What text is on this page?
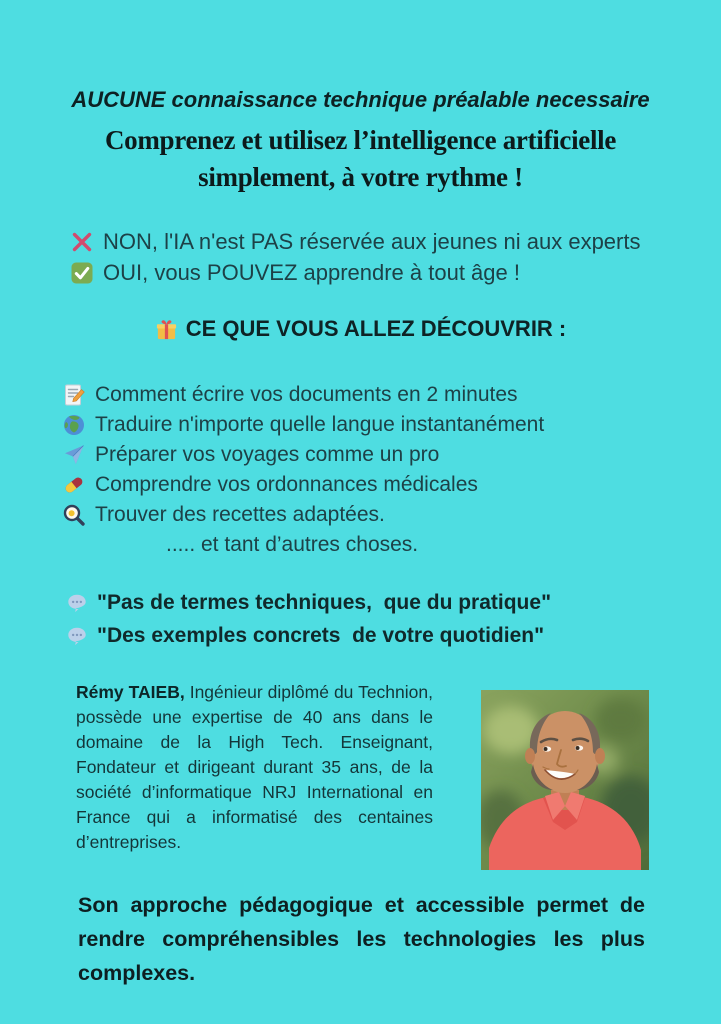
AUCUNE connaissance technique préalable necessaire
Comprenez et utilisez l’intelligence artificielle
simplement, à votre rythme !
NON, l'IA n'est PAS réservée aux jeunes ni aux experts
OUI, vous POUVEZ apprendre à tout âge !
CE QUE VOUS ALLEZ DÉCOUVRIR :
Comment écrire vos documents en 2 minutes
Traduire n'importe quelle langue instantanément
Préparer vos voyages comme un pro
Comprendre vos ordonnances médicales
Trouver des recettes adaptées.
..... et tant d’autres choses.
"Pas de termes techniques,  que du pratique"
"Des exemples concrets  de votre quotidien"

Rémy TAIEB, Ingénieur diplômé du Technion, possède une expertise de 40 ans dans le domaine de la High Tech. Enseignant, Fondateur et dirigeant durant 35 ans, de la société d’informatique NRJ International en France qui a informatisé des centaines d’entreprises.

Son approche pédagogique et accessible permet de rendre compréhensibles les technologies les plus complexes.
